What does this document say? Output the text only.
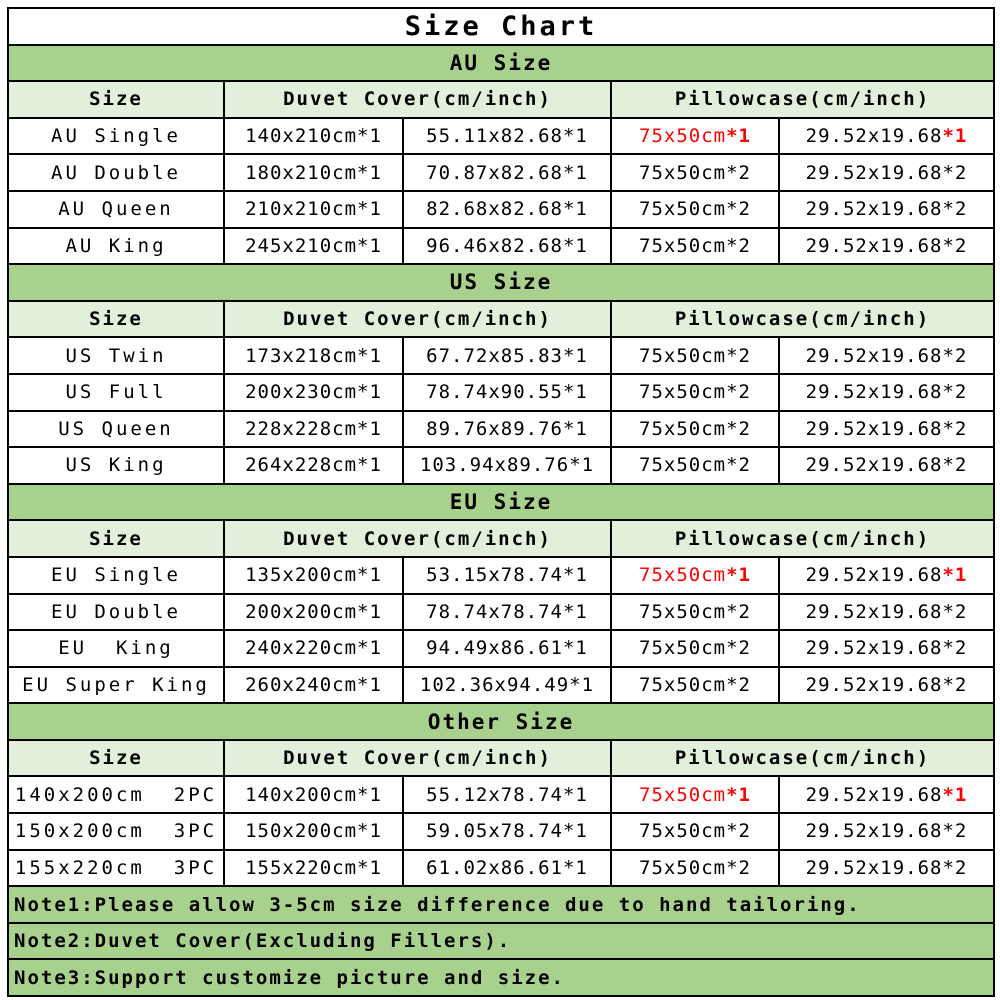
Size Chart				
AU Size				
Size	Duvet Cover(cm/inch)		Pillowcase(cm/inch)	
AU Single	140x210cm*1	55.11x82.68*1	75x50cm*1	29.52x19.68*1
AU Double	180x210cm*1	70.87x82.68*1	75x50cm*2	29.52x19.68*2
AU Queen	210x210cm*1	82.68x82.68*1	75x50cm*2	29.52x19.68*2
AU King	245x210cm*1	96.46x82.68*1	75x50cm*2	29.52x19.68*2
US Size				
Size	Duvet Cover(cm/inch)		Pillowcase(cm/inch)	
US Twin	173x218cm*1	67.72x85.83*1	75x50cm*2	29.52x19.68*2
US Full	200x230cm*1	78.74x90.55*1	75x50cm*2	29.52x19.68*2
US Queen	228x228cm*1	89.76x89.76*1	75x50cm*2	29.52x19.68*2
US King	264x228cm*1	103.94x89.76*1	75x50cm*2	29.52x19.68*2
EU Size				
Size	Duvet Cover(cm/inch)		Pillowcase(cm/inch)	
EU Single	135x200cm*1	53.15x78.74*1	75x50cm*1	29.52x19.68*1
EU Double	200x200cm*1	78.74x78.74*1	75x50cm*2	29.52x19.68*2
EU  King	240x220cm*1	94.49x86.61*1	75x50cm*2	29.52x19.68*2
EU Super King	260x240cm*1	102.36x94.49*1	75x50cm*2	29.52x19.68*2
Other Size				
Size	Duvet Cover(cm/inch)		Pillowcase(cm/inch)	
140x200cm  2PC	140x200cm*1	55.12x78.74*1	75x50cm*1	29.52x19.68*1
150x200cm  3PC	150x200cm*1	59.05x78.74*1	75x50cm*2	29.52x19.68*2
155x220cm  3PC	155x220cm*1	61.02x86.61*1	75x50cm*2	29.52x19.68*2
Note1:Please allow 3-5cm size difference due to hand tailoring.				
Note2:Duvet Cover(Excluding Fillers).				
Note3:Support customize picture and size.				
